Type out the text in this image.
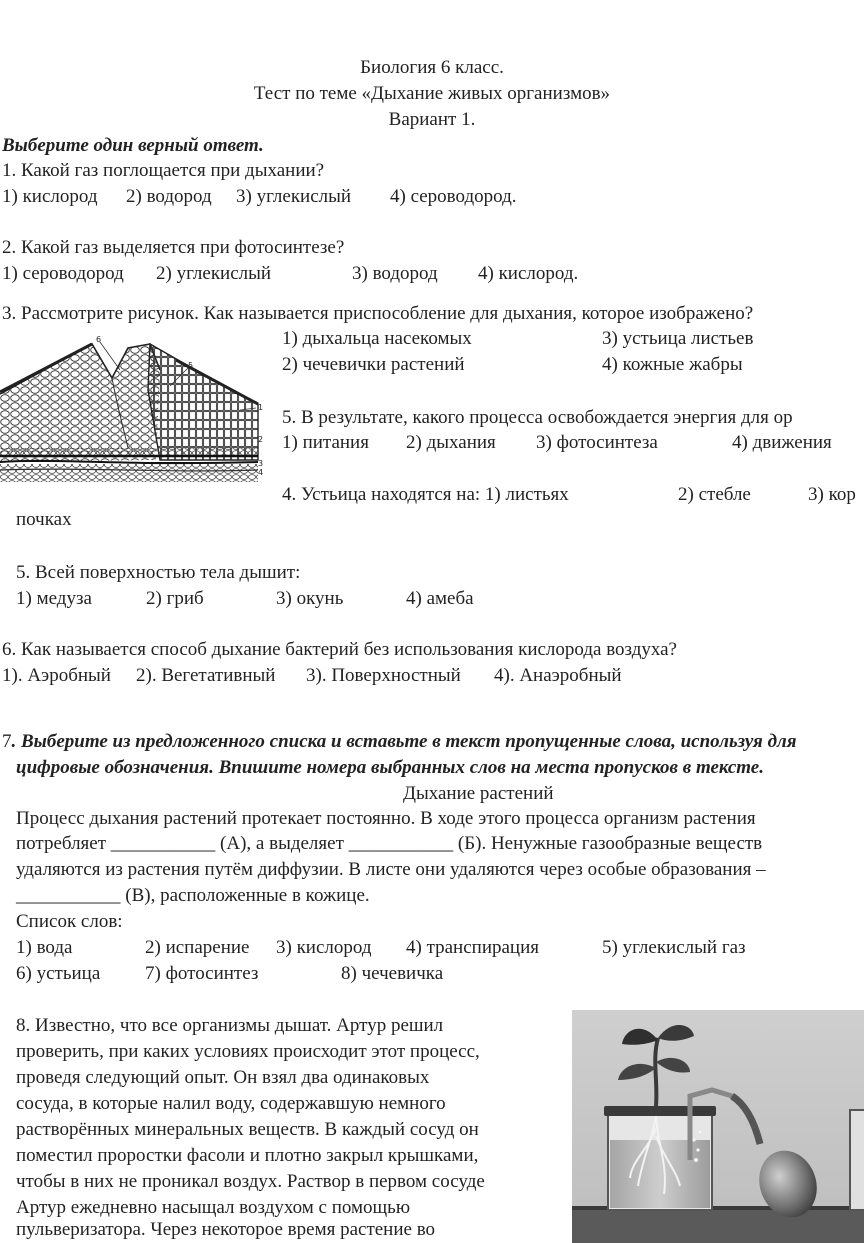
Биология 6 класс.
Тест по теме «Дыхание живых организмов»
Вариант 1.
Выберите один верный ответ.
1. Какой газ поглощается при дыхании?
1) кислород 2) водород 3) углекислый 4) сероводород.
2. Какой газ выделяется при фотосинтезе?
1) сероводород 2) углекислый	3) водород 4) кислород.
3. Рассмотрите рисунок. Как называется приспособление для дыхания, которое изображено?
1) дыхальца насекомых	3) устьица листьев
2) чечевички растений	4) кожные жабры
6
5
1
2
3
4
5. В результате, какого процесса освобождается энергия для ор
1) питания 2) дыхания 3) фотосинтеза	4) движения
4. Устьица находятся на: 1) листьях	2) стебле	3) кор
почках
5. Всей поверхностью тела дышит:
1) медуза	2) гриб	3) окунь	4) амеба
6. Как называется способ дыхание бактерий без использования кислорода воздуха?
1). Аэробный 2). Вегетативный 3). Поверхностный 4). Анаэробный
7. Выберите из предложенного списка и вставьте в текст пропущенные слова, используя для
цифровые обозначения. Впишите номера выбранных слов на места пропусков в тексте.
Дыхание растений
Процесс дыхания растений протекает постоянно. В ходе этого процесса организм растения
потребляет ___________ (А), а выделяет ___________ (Б). Ненужные газообразные веществ
удаляются из растения путём диффузии. В листе они удаляются через особые образования –
___________ (В), расположенные в кожице.
Список слов:
1) вода	2) испарение 3) кислород 4) транспирация	5) углекислый газ
6) устьица 7) фотосинтез	8) чечевичка
8. Известно, что все организмы дышат. Артур решил
проверить, при каких условиях происходит этот процесс,
проведя следующий опыт. Он взял два одинаковых
сосуда, в которые налил воду, содержавшую немного
растворённых минеральных веществ. В каждый сосуд он
поместил проростки фасоли и плотно закрыл крышками,
чтобы в них не проникал воздух. Раствор в первом сосуде
Артур ежедневно насыщал воздухом с помощью
пульверизатора. Через некоторое время растение во
